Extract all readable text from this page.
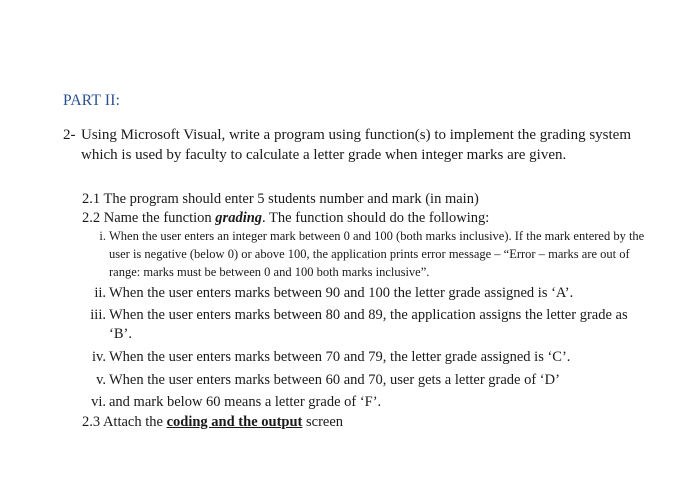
PART II:
2- Using Microsoft Visual, write a program using function(s) to implement the grading system which is used by faculty to calculate a letter grade when integer marks are given.
2.1 The program should enter 5 students number and mark (in main)
2.2 Name the function grading. The function should do the following:
i. When the user enters an integer mark between 0 and 100 (both marks inclusive). If the mark entered by the user is negative (below 0) or above 100, the application prints error message – “Error – marks are out of range: marks must be between 0 and 100 both marks inclusive”.
ii. When the user enters marks between 90 and 100 the letter grade assigned is ‘A’.
iii. When the user enters marks between 80 and 89, the application assigns the letter grade as ‘B’.
iv. When the user enters marks between 70 and 79, the letter grade assigned is ‘C’.
v. When the user enters marks between 60 and 70, user gets a letter grade of ‘D’
vi. and mark below 60 means a letter grade of ‘F’.
2.3 Attach the coding and the output screen
